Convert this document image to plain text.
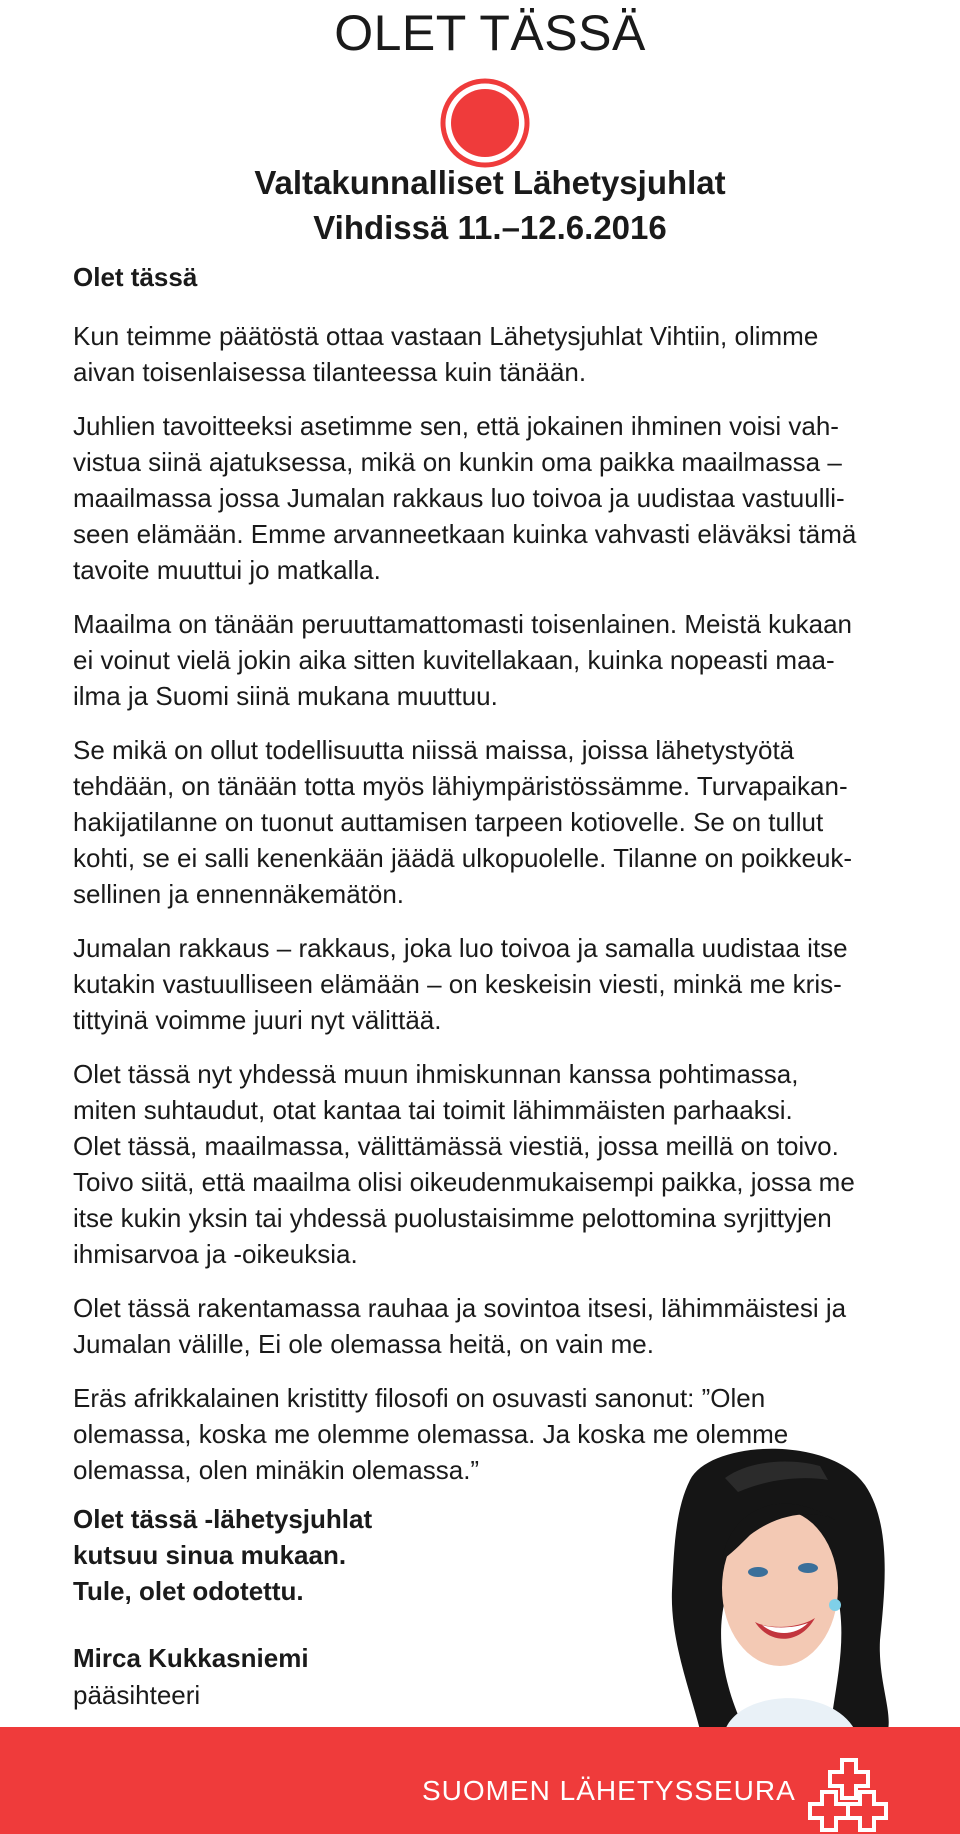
OLET TÄSSÄ
Valtakunnalliset Lähetysjuhlat
Vihdissä 11.–12.6.2016
Olet tässä

Kun teimme päätöstä ottaa vastaan Lähetysjuhlat Vihtiin, olimme
aivan toisenlaisessa tilanteessa kuin tänään.

Juhlien tavoitteeksi asetimme sen, että jokainen ihminen voisi vah-
vistua siinä ajatuksessa, mikä on kunkin oma paikka maailmassa –
maailmassa jossa Jumalan rakkaus luo toivoa ja uudistaa vastuulli-
seen elämään. Emme arvanneetkaan kuinka vahvasti eläväksi tämä
tavoite muuttui jo matkalla.

Maailma on tänään peruuttamattomasti toisenlainen. Meistä kukaan
ei voinut vielä jokin aika sitten kuvitellakaan, kuinka nopeasti maa-
ilma ja Suomi siinä mukana muuttuu.

Se mikä on ollut todellisuutta niissä maissa, joissa lähetystyötä
tehdään, on tänään totta myös lähiympäristössämme. Turvapaikan-
hakijatilanne on tuonut auttamisen tarpeen kotiovelle. Se on tullut
kohti, se ei salli kenenkään jäädä ulkopuolelle. Tilanne on poikkeuk-
sellinen ja ennennäkemätön.

Jumalan rakkaus – rakkaus, joka luo toivoa ja samalla uudistaa itse
kutakin vastuulliseen elämään – on keskeisin viesti, minkä me kris-
tittyinä voimme juuri nyt välittää.

Olet tässä nyt yhdessä muun ihmiskunnan kanssa pohtimassa,
miten suhtaudut, otat kantaa tai toimit lähimmäisten parhaaksi.
Olet tässä, maailmassa, välittämässä viestiä, jossa meillä on toivo.
Toivo siitä, että maailma olisi oikeudenmukaisempi paikka, jossa me
itse kukin yksin tai yhdessä puolustaisimme pelottomina syrjittyjen
ihmisarvoa ja -oikeuksia.

Olet tässä rakentamassa rauhaa ja sovintoa itsesi, lähimmäistesi ja
Jumalan välille, Ei ole olemassa heitä, on vain me.

Eräs afrikkalainen kristitty filosofi on osuvasti sanonut: ”Olen
olemassa, koska me olemme olemassa. Ja koska me olemme
olemassa, olen minäkin olemassa.”

Olet tässä -lähetysjuhlat
kutsuu sinua mukaan.
Tule, olet odotettu.
Mirca Kukkasniemi
pääsihteeri
SUOMEN LÄHETYSSEURA
